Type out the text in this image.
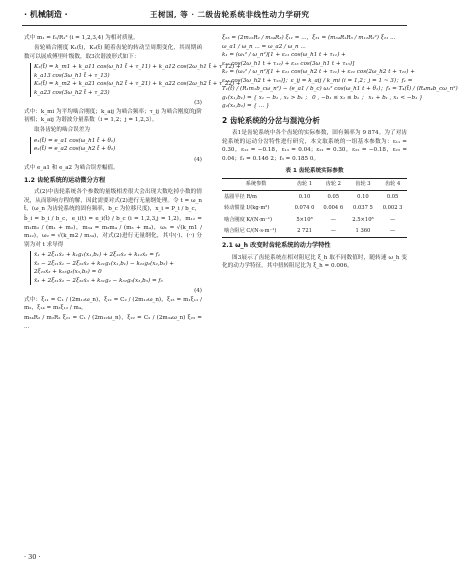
· 机械制造 ·	王树国, 等 · 二级齿轮系统非线性动力学研究

式中 m₁ = f₁/R₁² (i = 1,2,3,4) 为相对质量。

齿轮啮合刚度 K₁(t̄)，K₂(t̄) 随着齿轮的转动呈周期变化，其周期函数可以展成傅里叶级数，取3次谐波形式如下：

K₁(t̄) = k_m1 + k_a11 cos(ω_h1 t̄ + τ_11) + k_a12 cos(2ω_h1 t̄ + τ_12) +
k_a13 cos(3ω_h1 t̄ + τ_13)
K₂(t̄) = k_m2 + k_a21 cos(ω_h2 t̄ + τ_21) + k_a22 cos(2ω_h2 t̄ + τ_22) +
k_a23 cos(3ω_h2 t̄ + τ_23)
(3)

式中：k_mi 为平均啮合刚度；k_aij 为啮合频率；τ_ij 为啮合刚度的j阶初相；k_aij 为谐波分量系数（i = 1,2；j = 1,2,3）。

取各齿轮的啮合误差为

e₁(t̄) = e_a1 cos(ω_h1 t̄ + θ₁)
e₂(t̄) = e_a2 cos(ω_h2 t̄ + θ₂)
(4)

式中 e_a1 和 e_a2 为啮合误差幅值。

1.2 齿轮系统的运动微分方程

式(2)中齿轮系统各个参数的量级相差很大会出现大数吃掉小数的情况，从而影响方程的解，因此需要对式(2)进行无量纲处理。令 t = ω_n t̄，(ω_n 为齿轮系统的固有频率，b_c 为位移尺度)，x_i = P_i / b_c，

b̃_i = b_i / b_c，e_i(t) = e_i(t̄) / b_c (i = 1,2,3,j = 1,2)，m₁₂ = m₁m₂ / (m₁ + m₂)，m₃₄ = m₃m₄ / (m₃ + m₄)，ω₁ = √(k_m1 / m₁₂)，ω₂ = √(k_m2 / m₃₄)，对式(2)进行无量纲化，其中(·)、(··) 分别为对 t 求导得

ẍ₁ + 2ξ₁₁ẋ₁ + k₁g₁(x₁,b₁) + 2ξ₁₂ẋ₂ + k₁₂ẋ₂ = f₁
ẍ₂ − 2ξ₂₁ẋ₁ − 2ξ₂₂ẋ₂ + k₂₁g₁(x₁,b₁) − k₂₂g₂(x₂,b₂) +
2ξ₂₃ẋ₃ + k₂₃g₃(x₃,b₃) = 0
ẍ₃ + 2ξ₃₁ẋ₂ − 2ξ₃₂ẋ₃ + k₃₁g₂ − k₃₂g₃(x₃,b₃) = f₃
(4)

式中：ξ₁₁ = C₁ / (2m₁₂ω_n)，ξ₁₂ = C₂ / (2m₁₂ω_n)，ξ₁₃ = m₁ξ₁₁ / m₂，ξ₁₄ = m₃ξ₁₂ / m₄，

m₃₄R₂ / m₂R₂ ξ₂₁ = C₁ / (2m₁₂ω_n)，ξ₂₂ = C₂ / (2m₃₄ω_n) ξ₂₃ = ...

ξ₂₃ = (2m₁₂R₂ / m₃₄R₃) ξ₁₁ = ...，ξ₃₁ = (m₃₄R₁R₃ / m₁₂R₂²) ξ₂₁ ...
ω_a1 / ω_n ... = ω_a2 / ω_n ...
k₁ = (ω₁² / ω_n²)[1 + ε₁₁ cos(ω_h1 t + τ₁₁) +
ε₁₂ cos(2ω_h1 t + τ₁₂) + ε₁₃ cos(3ω_h1 t + τ₁₃)]
k₂ = (ω₂² / ω_n²)[1 + ε₂₁ cos(ω_h2 t + τ₂₁) + ε₂₂ cos(2ω_h2 t + τ₂₂) +
ε₂₃ cos(3ω_h2 t + τ₂₃)]；ε_ij = k_aij / k_mi (i = 1,2；j = 1 ~ 3)；f₁ =
T₁(t̄) / (R₁m₁b_cω_n²) − (e_a1 / b_c) ω₁² cos(ω_h1 t + θ₁)；f₃ = T₄(t̄) / (R₄m₄b_cω_n²)
g₁(x₁,b₁) = { x₁ − b₁ , x₁ > b₁ ； 0 , −b₁ ≤ x₁ ≤ b₁ ； x₁ + b₁ , x₁ < −b₁ }
g₂(x₂,b₂) = { ... }
2 齿轮系统的分岔与混沌分析

表1是齿轮系统中各个齿轮的实际参数，固有频率为 9 874。为了对齿轮系统的运动分岔特性进行研究，本文取系统的一组基本参数为：ε₁₁ = 0.30，ε₁₂ = −0.18，ε₁₃ = 0.04；ε₂₁ = 0.30，ε₂₂ = −0.18，ε₂₃ = 0.04；f₁ = 0.146 2；f₃ = 0.185 0。

表 1 齿轮系统实际参数
系统参数	齿轮 1	齿轮 2	齿轮 3	齿轮 4
基圆半径 R/m	0.10	0.05	0.10	0.05
转动惯量 I/(kg·m²)	0.074 0	0.004 6	0.037 5	0.002 3
啮合刚度 K/(N·m⁻¹)	5×10⁸	—	2.5×10⁸	—
啮合阻尼 C/(N·s·m⁻¹)	2 721	—	1 360	—
2.1 ω_h 改变时齿轮系统的动力学特性

图3展示了齿轮系统在相对阻尼比 ξ_h 取不同数值时，随转速 ω_h 变化的动力学特征，其中扭转阻尼比为 ξ_h = 0.006。

· 30 ·
